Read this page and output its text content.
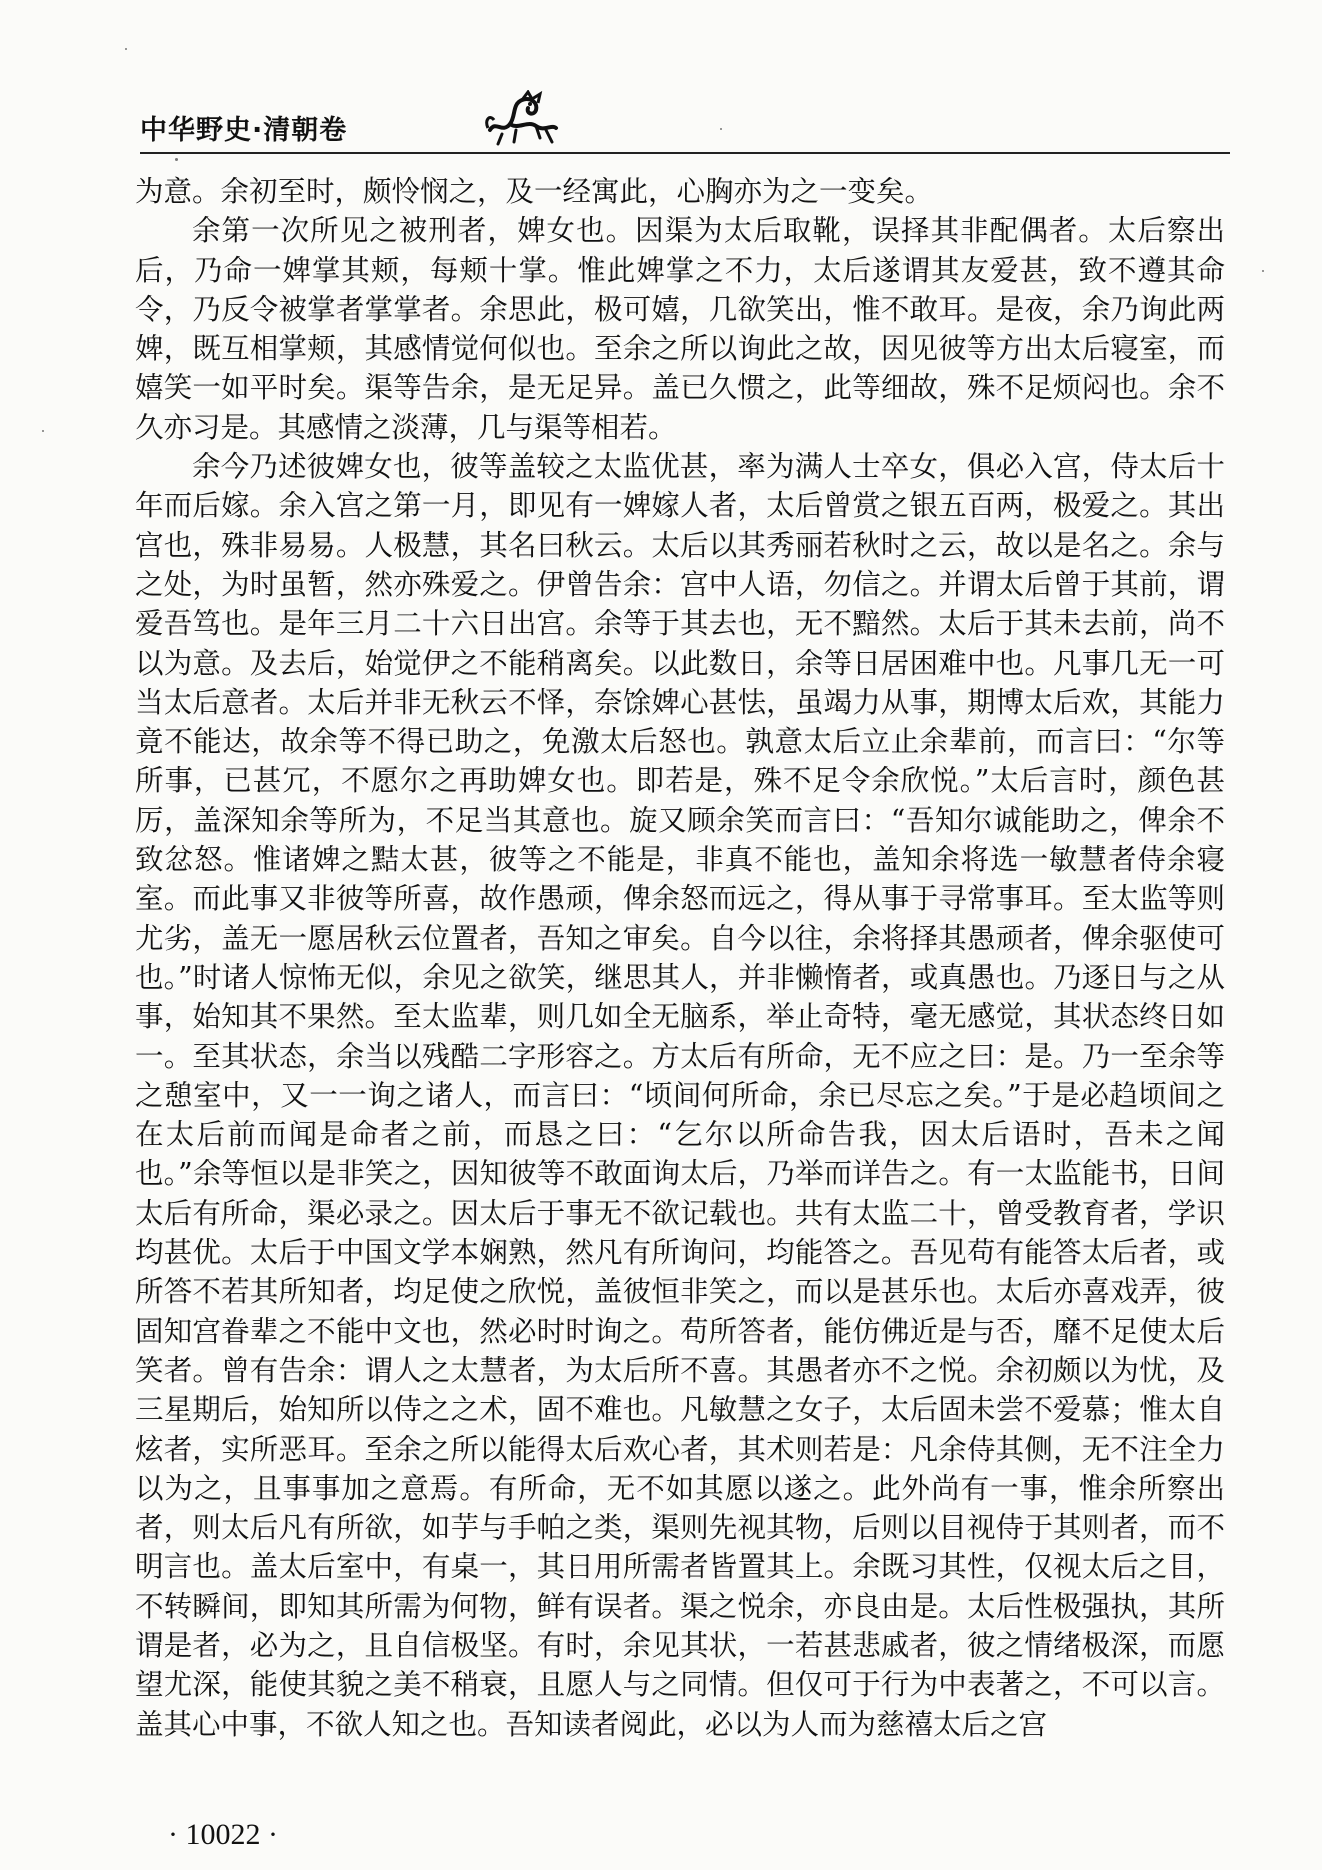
中华野史·清朝卷

为意。余初至时，颇怜悯之，及一经寓此，心胸亦为之一变矣。

余第一次所见之被刑者，婢女也。因渠为太后取靴，误择其非配偶者。太后察出后，乃命一婢掌其颊，每颊十掌。惟此婢掌之不力，太后遂谓其友爱甚，致不遵其命令，乃反令被掌者掌掌者。余思此，极可嬉，几欲笑出，惟不敢耳。是夜，余乃询此两婢，既互相掌颊，其感情觉何似也。至余之所以询此之故，因见彼等方出太后寝室，而嬉笑一如平时矣。渠等告余，是无足异。盖已久惯之，此等细故，殊不足烦闷也。余不久亦习是。其感情之淡薄，几与渠等相若。

余今乃述彼婢女也，彼等盖较之太监优甚，率为满人士卒女，俱必入宫，侍太后十年而后嫁。余入宫之第一月，即见有一婢嫁人者，太后曾赏之银五百两，极爱之。其出宫也，殊非易易。人极慧，其名曰秋云。太后以其秀丽若秋时之云，故以是名之。余与之处，为时虽暂，然亦殊爱之。伊曾告余：宫中人语，勿信之。并谓太后曾于其前，谓爱吾笃也。是年三月二十六日出宫。余等于其去也，无不黯然。太后于其未去前，尚不以为意。及去后，始觉伊之不能稍离矣。以此数日，余等日居困难中也。凡事几无一可当太后意者。太后并非无秋云不怿，奈馀婢心甚怯，虽竭力从事，期博太后欢，其能力竟不能达，故余等不得已助之，免激太后怒也。孰意太后立止余辈前，而言曰：“尔等所事，已甚冗，不愿尔之再助婢女也。即若是，殊不足令余欣悦。”太后言时，颜色甚厉，盖深知余等所为，不足当其意也。旋又顾余笑而言曰：“吾知尔诚能助之，俾余不致忿怒。惟诸婢之黠太甚，彼等之不能是，非真不能也，盖知余将选一敏慧者侍余寝室。而此事又非彼等所喜，故作愚顽，俾余怒而远之，得从事于寻常事耳。至太监等则尤劣，盖无一愿居秋云位置者，吾知之审矣。自今以往，余将择其愚顽者，俾余驱使可也。”时诸人惊怖无似，余见之欲笑，继思其人，并非懒惰者，或真愚也。乃逐日与之从事，始知其不果然。至太监辈，则几如全无脑系，举止奇特，毫无感觉，其状态终日如一。至其状态，余当以残酷二字形容之。方太后有所命，无不应之曰：是。乃一至余等之憩室中，又一一询之诸人，而言曰：“顷间何所命，余已尽忘之矣。”于是必趋顷间之在太后前而闻是命者之前，而恳之曰：“乞尔以所命告我，因太后语时，吾未之闻也。”余等恒以是非笑之，因知彼等不敢面询太后，乃举而详告之。有一太监能书，日间太后有所命，渠必录之。因太后于事无不欲记载也。共有太监二十，曾受教育者，学识均甚优。太后于中国文学本娴熟，然凡有所询问，均能答之。吾见苟有能答太后者，或所答不若其所知者，均足使之欣悦，盖彼恒非笑之，而以是甚乐也。太后亦喜戏弄，彼固知宫眷辈之不能中文也，然必时时询之。苟所答者，能仿佛近是与否，靡不足使太后笑者。曾有告余：谓人之太慧者，为太后所不喜。其愚者亦不之悦。余初颇以为忧，及三星期后，始知所以侍之之术，固不难也。凡敏慧之女子，太后固未尝不爱慕；惟太自炫者，实所恶耳。至余之所以能得太后欢心者，其术则若是：凡余侍其侧，无不注全力以为之，且事事加之意焉。有所命，无不如其愿以遂之。此外尚有一事，惟余所察出者，则太后凡有所欲，如芋与手帕之类，渠则先视其物，后则以目视侍于其则者，而不明言也。盖太后室中，有桌一，其日用所需者皆置其上。余既习其性，仅视太后之目，不转瞬间，即知其所需为何物，鲜有误者。渠之悦余，亦良由是。太后性极强执，其所谓是者，必为之，且自信极坚。有时，余见其状，一若甚悲戚者，彼之情绪极深，而愿望尤深，能使其貌之美不稍衰，且愿人与之同情。但仅可于行为中表著之，不可以言。盖其心中事，不欲人知之也。吾知读者阅此，必以为人而为慈禧太后之宫

· 10022 ·
